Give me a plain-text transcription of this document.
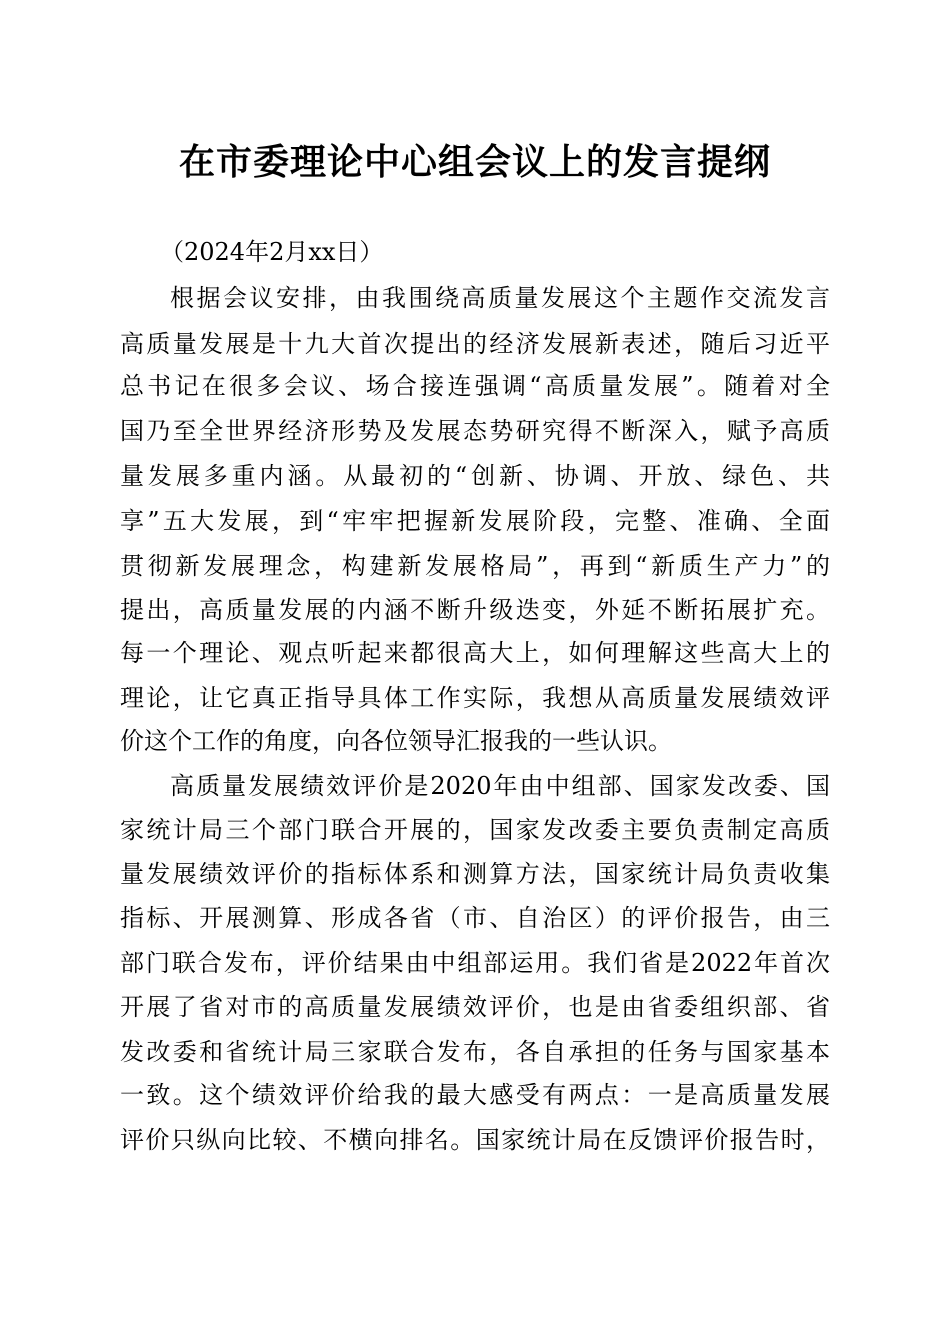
在市委理论中心组会议上的发言提纲
（2024年2月xx日）
根据会议安排，由我围绕高质量发展这个主题作交流发言
高质量发展是十九大首次提出的经济发展新表述，随后习近平
总书记在很多会议、场合接连强调“高质量发展”。随着对全
国乃至全世界经济形势及发展态势研究得不断深入，赋予高质
量发展多重内涵。从最初的“创新、协调、开放、绿色、共
享”五大发展，到“牢牢把握新发展阶段，完整、准确、全面
贯彻新发展理念，构建新发展格局”，再到“新质生产力”的
提出，高质量发展的内涵不断升级迭变，外延不断拓展扩充。
每一个理论、观点听起来都很高大上，如何理解这些高大上的
理论，让它真正指导具体工作实际，我想从高质量发展绩效评
价这个工作的角度，向各位领导汇报我的一些认识。
高质量发展绩效评价是2020年由中组部、国家发改委、国
家统计局三个部门联合开展的，国家发改委主要负责制定高质
量发展绩效评价的指标体系和测算方法，国家统计局负责收集
指标、开展测算、形成各省（市、自治区）的评价报告，由三
部门联合发布，评价结果由中组部运用。我们省是2022年首次
开展了省对市的高质量发展绩效评价，也是由省委组织部、省
发改委和省统计局三家联合发布，各自承担的任务与国家基本
一致。这个绩效评价给我的最大感受有两点：一是高质量发展
评价只纵向比较、不横向排名。国家统计局在反馈评价报告时，
